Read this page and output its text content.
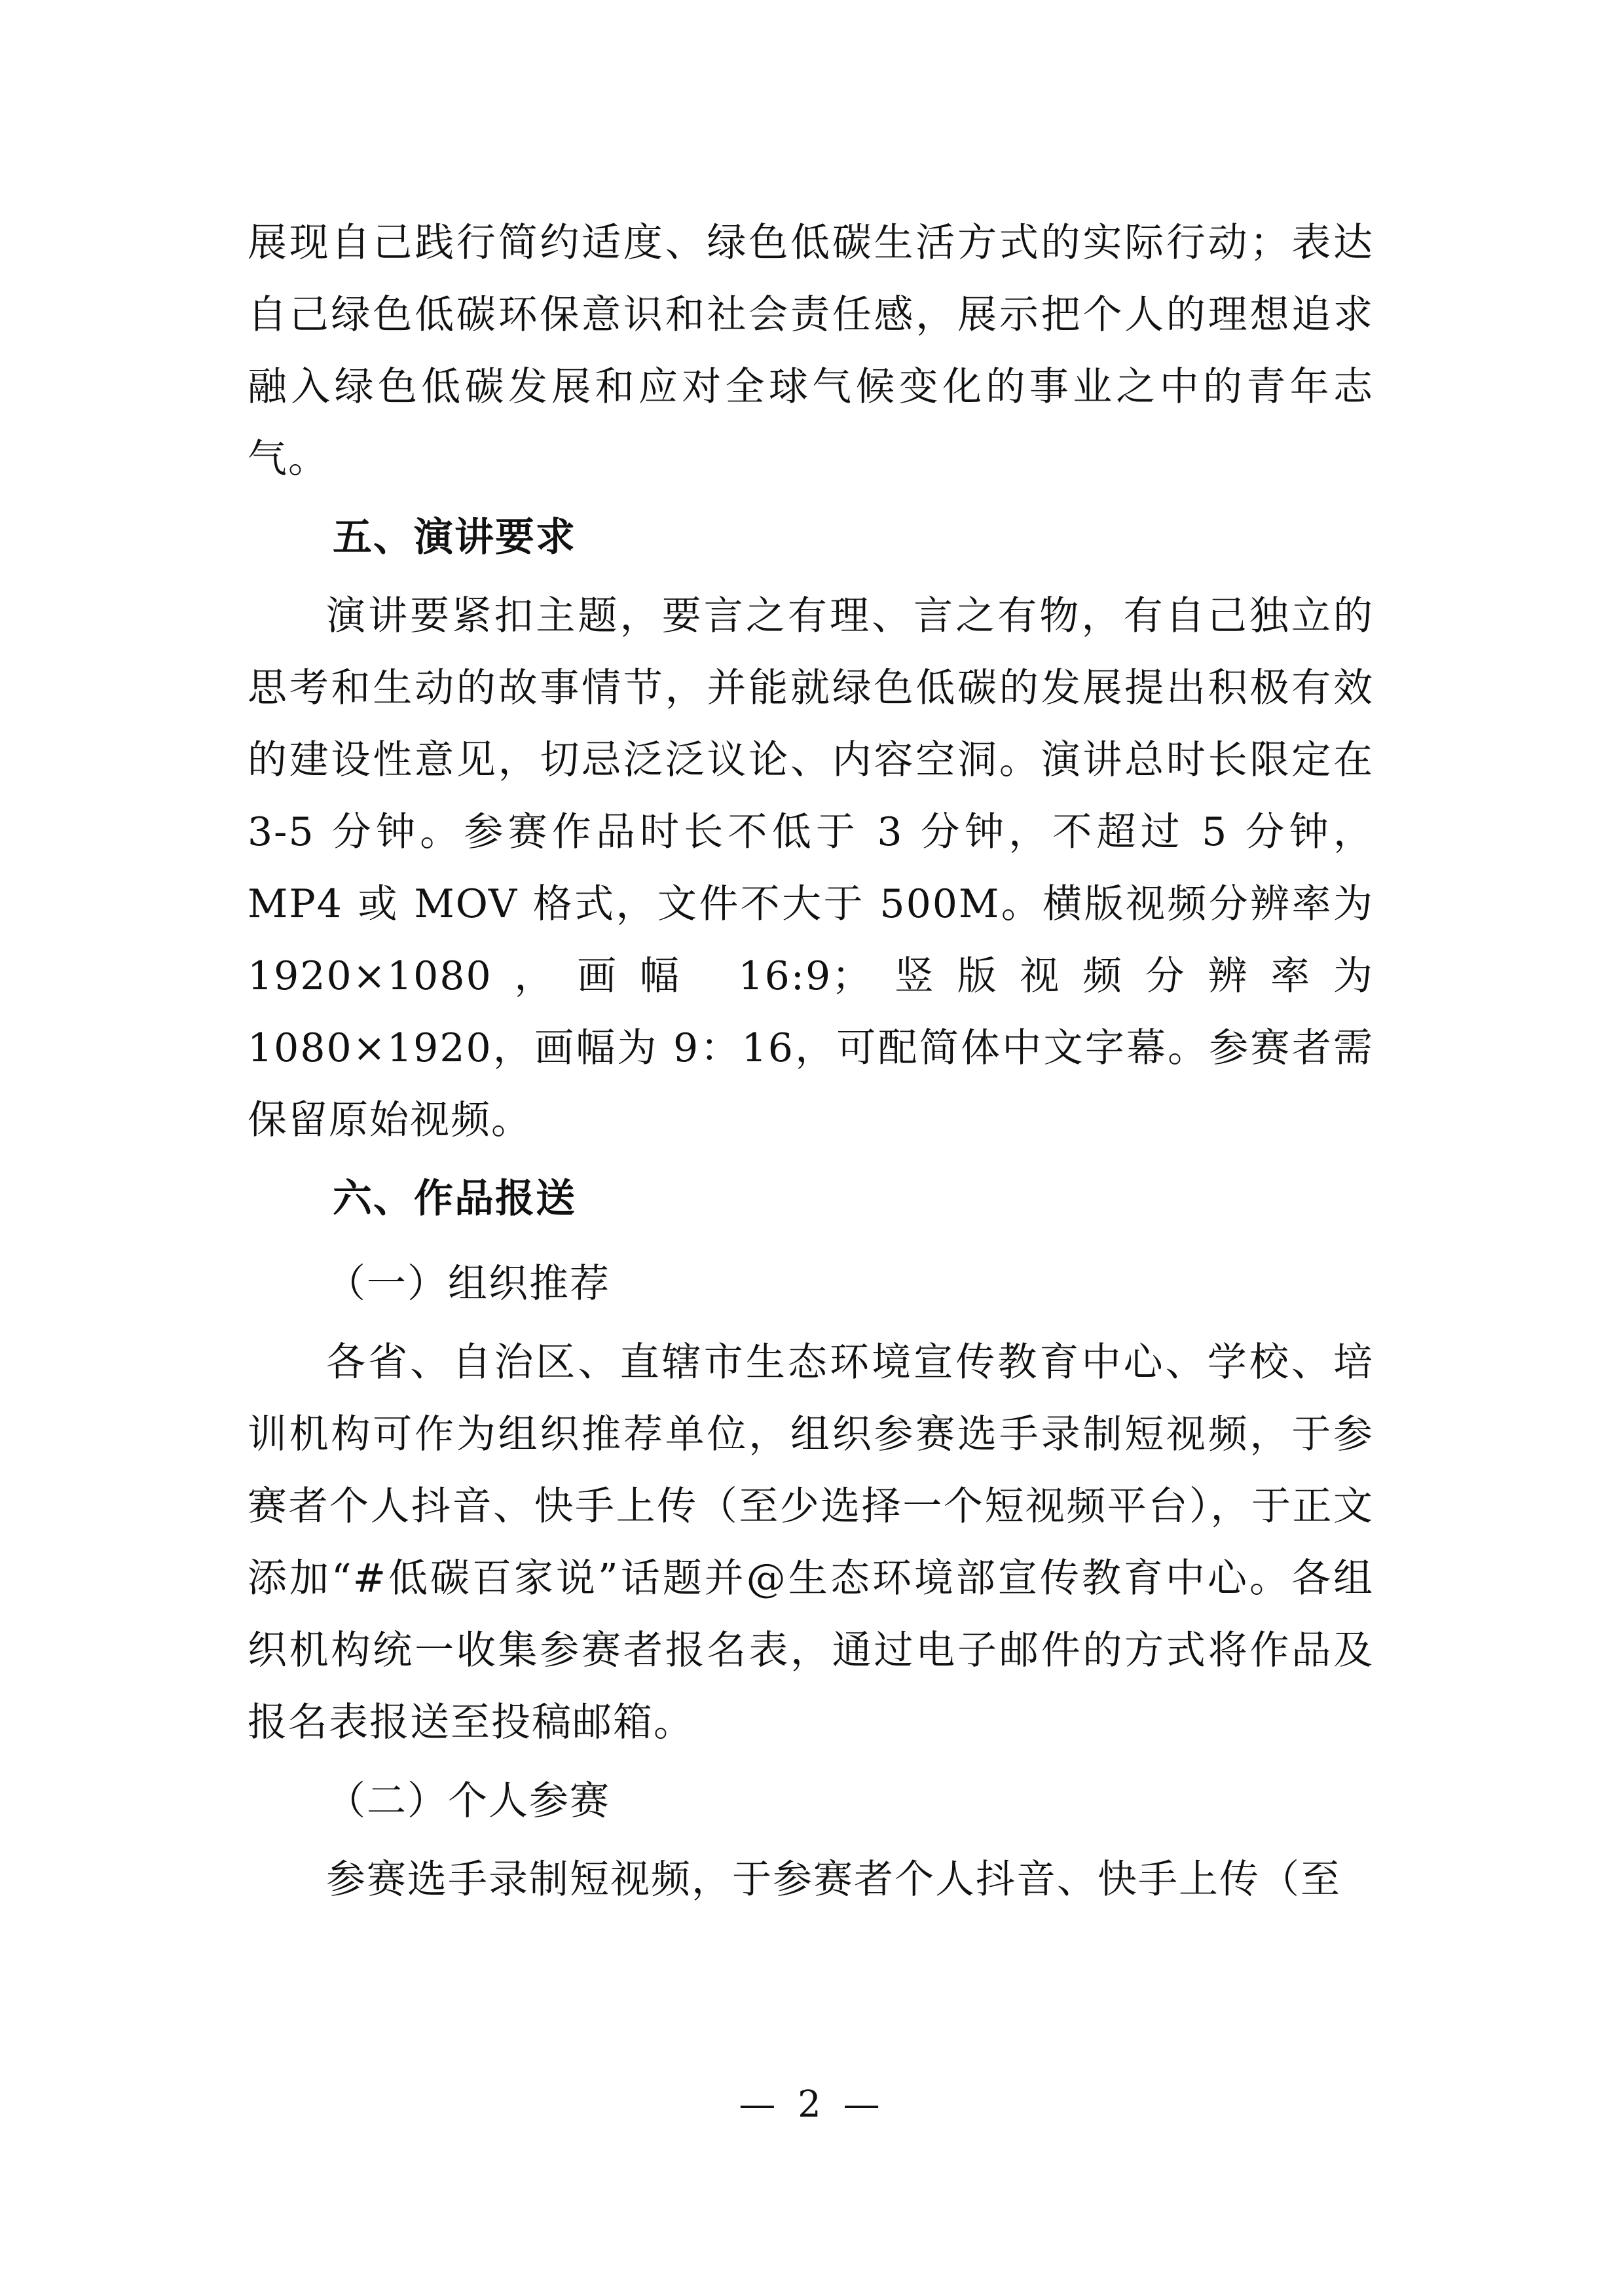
展现自己践行简约适度、绿色低碳生活方式的实际行动；表达自己绿色低碳环保意识和社会责任感，展示把个人的理想追求融入绿色低碳发展和应对全球气候变化的事业之中的青年志气。

五、演讲要求

演讲要紧扣主题，要言之有理、言之有物，有自己独立的思考和生动的故事情节，并能就绿色低碳的发展提出积极有效的建设性意见，切忌泛泛议论、内容空洞。演讲总时长限定在 3-5 分钟。参赛作品时长不低于 3 分钟，不超过 5 分钟，MP4 或 MOV 格式，文件不大于 500M。横版视频分辨率为 1920×1080，画幅 16:9；竖版视频分辨率为 1080×1920，画幅为 9：16，可配简体中文字幕。参赛者需保留原始视频。

六、作品报送

（一）组织推荐

各省、自治区、直辖市生态环境宣传教育中心、学校、培训机构可作为组织推荐单位，组织参赛选手录制短视频，于参赛者个人抖音、快手上传（至少选择一个短视频平台），于正文添加“#低碳百家说”话题并@生态环境部宣传教育中心。各组织机构统一收集参赛者报名表，通过电子邮件的方式将作品及报名表报送至投稿邮箱。

（二）个人参赛

参赛选手录制短视频，于参赛者个人抖音、快手上传（至

— 2 —
